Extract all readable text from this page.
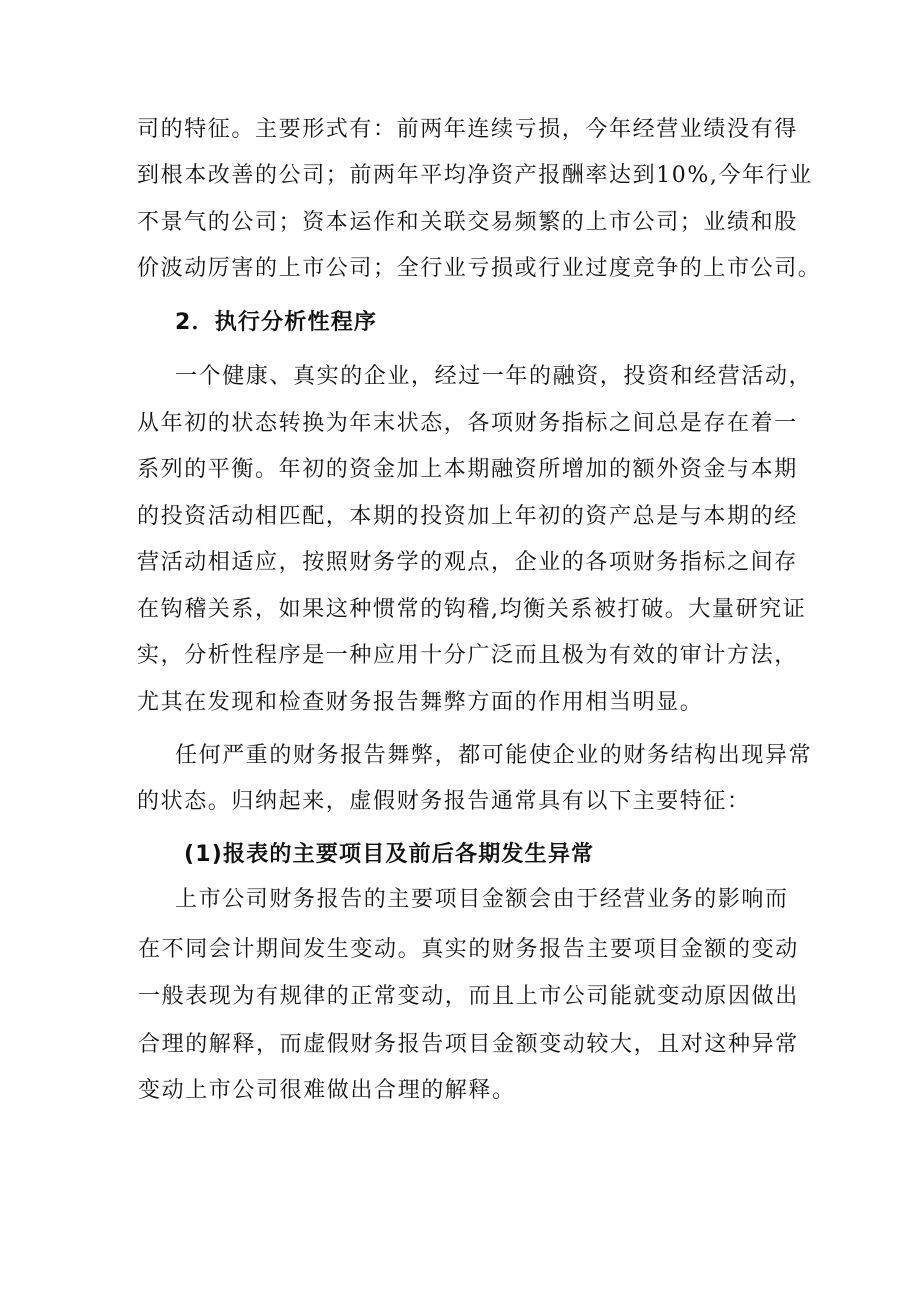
司的特征。主要形式有：前两年连续亏损，今年经营业绩没有得
到根本改善的公司；前两年平均净资产报酬率达到10%,今年行业
不景气的公司；资本运作和关联交易频繁的上市公司；业绩和股
价波动厉害的上市公司；全行业亏损或行业过度竞争的上市公司。
2．执行分析性程序
一个健康、真实的企业，经过一年的融资，投资和经营活动，
从年初的状态转换为年末状态，各项财务指标之间总是存在着一
系列的平衡。年初的资金加上本期融资所增加的额外资金与本期
的投资活动相匹配，本期的投资加上年初的资产总是与本期的经
营活动相适应，按照财务学的观点，企业的各项财务指标之间存
在钩稽关系，如果这种惯常的钩稽,均衡关系被打破。大量研究证
实，分析性程序是一种应用十分广泛而且极为有效的审计方法，
尤其在发现和检查财务报告舞弊方面的作用相当明显。
任何严重的财务报告舞弊，都可能使企业的财务结构出现异常
的状态。归纳起来，虚假财务报告通常具有以下主要特征：
(1)报表的主要项目及前后各期发生异常
上市公司财务报告的主要项目金额会由于经营业务的影响而
在不同会计期间发生变动。真实的财务报告主要项目金额的变动
一般表现为有规律的正常变动，而且上市公司能就变动原因做出
合理的解释，而虚假财务报告项目金额变动较大，且对这种异常
变动上市公司很难做出合理的解释。
